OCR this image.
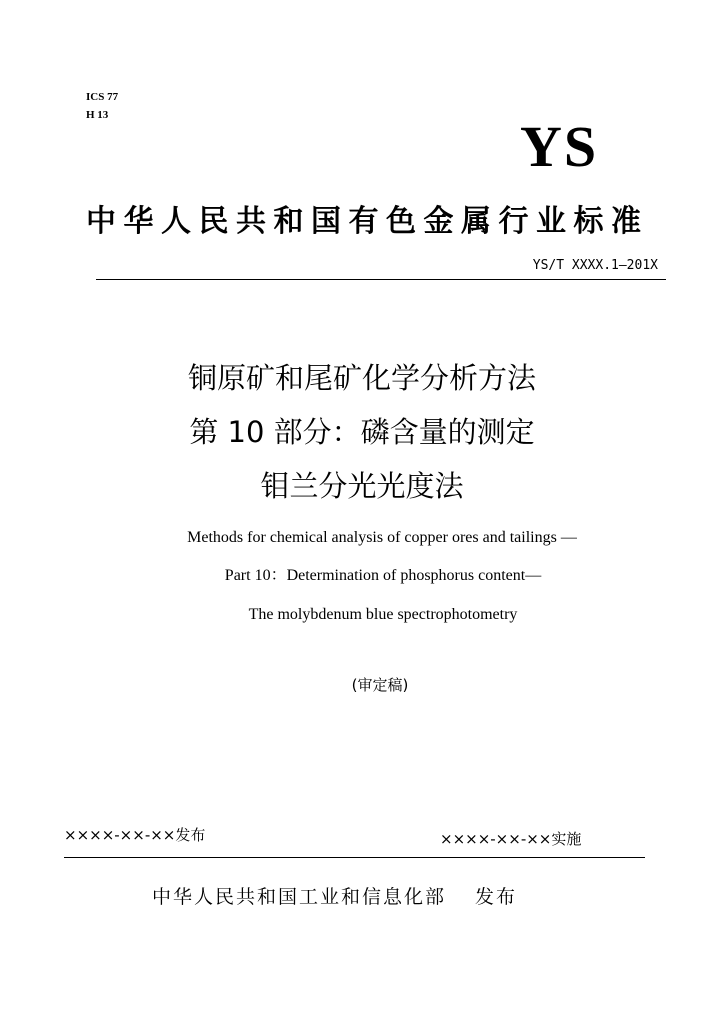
ICS 77
H 13	YS
中华人民共和国有色金属行业标准
YS/T XXXX.1—201X
铜原矿和尾矿化学分析方法
第 10 部分：磷含量的测定
钼兰分光光度法
Methods for chemical analysis of copper ores and tailings —
Part 10：Determination of phosphorus content—
The molybdenum blue spectrophotometry
(审定稿)
××××-××-××发布	××××-××-××实施
中华人民共和国工业和信息化部　 发布
